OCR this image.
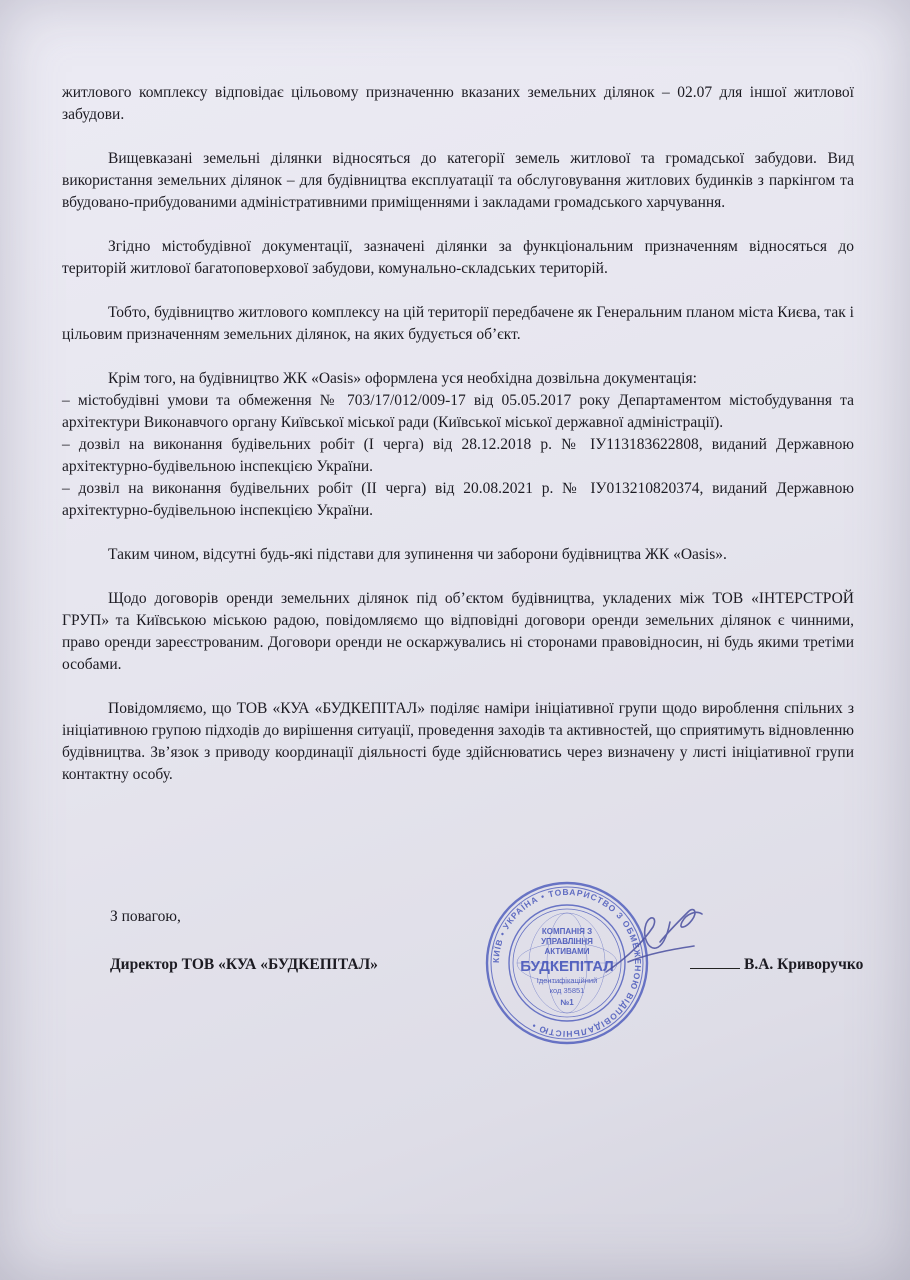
житлового комплексу відповідає цільовому призначенню вказаних земельних ділянок – 02.07 для іншої житлової забудови.

Вищевказані земельні ділянки відносяться до категорії земель житлової та громадської забудови. Вид використання земельних ділянок – для будівництва експлуатації та обслуговування житлових будинків з паркінгом та вбудовано-прибудованими адміністративними приміщеннями і закладами громадського харчування.

Згідно містобудівної документації, зазначені ділянки за функціональним призначенням відносяться до територій житлової багатоповерхової забудови, комунально-складських територій.

Тобто, будівництво житлового комплексу на цій території передбачене як Генеральним планом міста Києва, так і цільовим призначенням земельних ділянок, на яких будується об’єкт.

Крім того, на будівництво ЖК «Oasis» оформлена уся необхідна дозвільна документація:

– містобудівні умови та обмеження № 703/17/012/009-17 від 05.05.2017 року Департаментом містобудування та архітектури Виконавчого органу Київської міської ради (Київської міської державної адміністрації).

– дозвіл на виконання будівельних робіт (І черга) від 28.12.2018 р. № ІУ113183622808, виданий Державною архітектурно-будівельною інспекцією України.

– дозвіл на виконання будівельних робіт (ІІ черга) від 20.08.2021 р. № ІУ013210820374, виданий Державною архітектурно-будівельною інспекцією України.

Таким чином, відсутні будь-які підстави для зупинення чи заборони будівництва ЖК «Oasis».

Щодо договорів оренди земельних ділянок під об’єктом будівництва, укладених між ТОВ «ІНТЕРСТРОЙ ГРУП» та Київською міською радою, повідомляємо що відповідні договори оренди земельних ділянок є чинними, право оренди зареєстрованим. Договори оренди не оскаржувались ні сторонами правовідносин, ні будь якими третіми особами.

Повідомляємо, що ТОВ «КУА «БУДКЕПІТАЛ» поділяє наміри ініціативної групи щодо вироблення спільних з ініціативною групою підходів до вирішення ситуації, проведення заходів та активностей, що сприятимуть відновленню будівництва. Зв’язок з приводу координації діяльності буде здійснюватись через визначену у листі ініціативної групи контактну особу.

З повагою,
Директор ТОВ «КУА «БУДКЕПІТАЛ»	В.А. Криворучко
КИЇВ • УКРАЇНА • ТОВАРИСТВО З ОБМЕЖЕНОЮ ВІДПОВІДАЛЬНІСТЮ •
КОМПАНІЯ З
УПРАВЛІННЯ
АКТИВАМИ
БУДКЕПІТАЛ
Ідентифікаційний
код 35851
№1
